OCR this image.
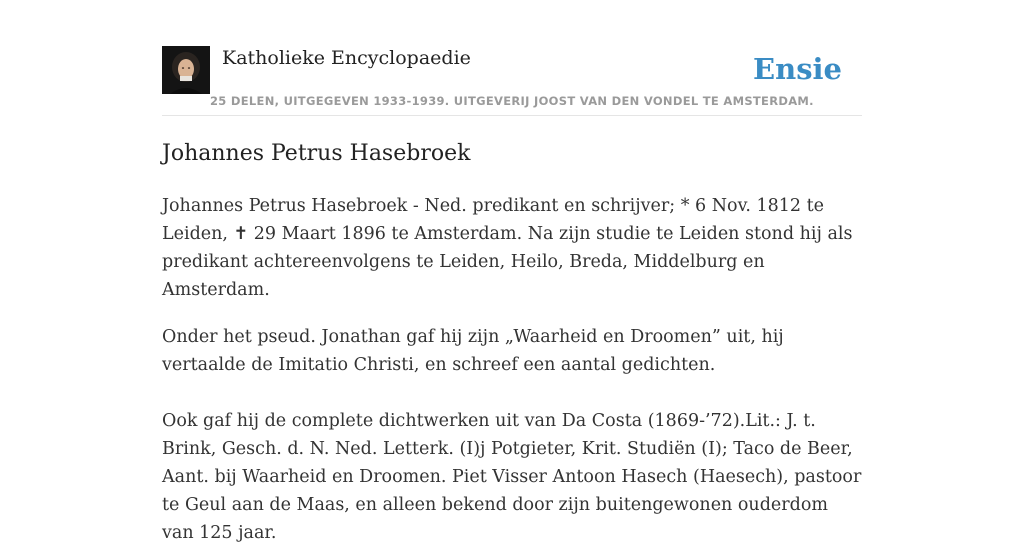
Katholieke Encyclopaedie	Ensie
25 DELEN, UITGEGEVEN 1933-1939. UITGEVERIJ JOOST VAN DEN VONDEL TE AMSTERDAM.
Johannes Petrus Hasebroek

Johannes Petrus Hasebroek - Ned. predikant en schrijver; * 6 Nov. 1812 te Leiden, ✝ 29 Maart 1896 te Amsterdam. Na zijn studie te Leiden stond hij als predikant achtereenvolgens te Leiden, Heilo, Breda, Middelburg en Amsterdam.

Onder het pseud. Jonathan gaf hij zijn „Waarheid en Droomen” uit, hij vertaalde de Imitatio Christi, en schreef een aantal gedichten.

Ook gaf hij de complete dichtwerken uit van Da Costa (1869-’72).Lit.: J. t. Brink, Gesch. d. N. Ned. Letterk. (I)j Potgieter, Krit. Studiën (I); Taco de Beer, Aant. bij Waarheid en Droomen. Piet Visser Antoon Hasech (Haesech), pastoor te Geul aan de Maas, en alleen bekend door zijn buitengewonen ouderdom van 125 jaar.
